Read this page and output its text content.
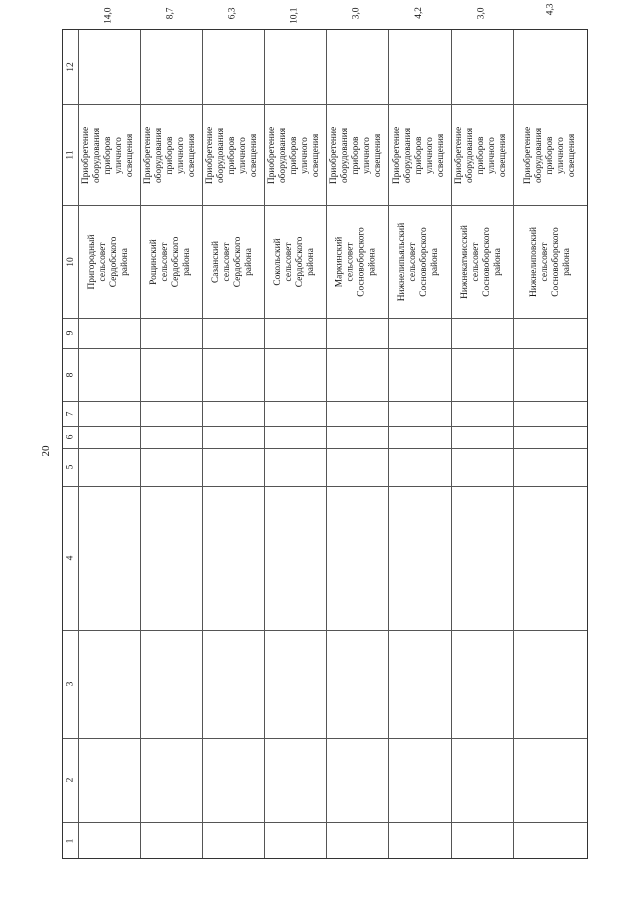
20
1
2
3
4
5
6
7
8
9
10
11
12
14,0
Приобретение
оборудования
приборов
уличного
освещения
Пригородный
сельсовет
Сердобского района
8,7
Приобретение
оборудования
приборов
уличного
освещения
Рощинский
сельсовет
Сердобского района
6,3
Приобретение
оборудования
приборов
уличного
освещения
Сазанский сельсовет
Сердобского района
10,1
Приобретение
оборудования
приборов
уличного
освещения
Сокольский
сельсовет
Сердобского района
3,0
Приобретение
оборудования
приборов
уличного
освещения
Маркинский
сельсовет
Сосновоборского
района
4,2
Приобретение
оборудования
приборов
уличного
освещения
Нижнелипьяльский
сельсовет
Сосновоборского
района
3,0
Приобретение
оборудования
приборов
уличного
освещения
Нижнекатмисский
сельсовет
Сосновоборского
района
4,3
Приобретение
оборудования
приборов
уличного
освещения
Нижнелиповский
сельсовет
Сосновоборского
района
